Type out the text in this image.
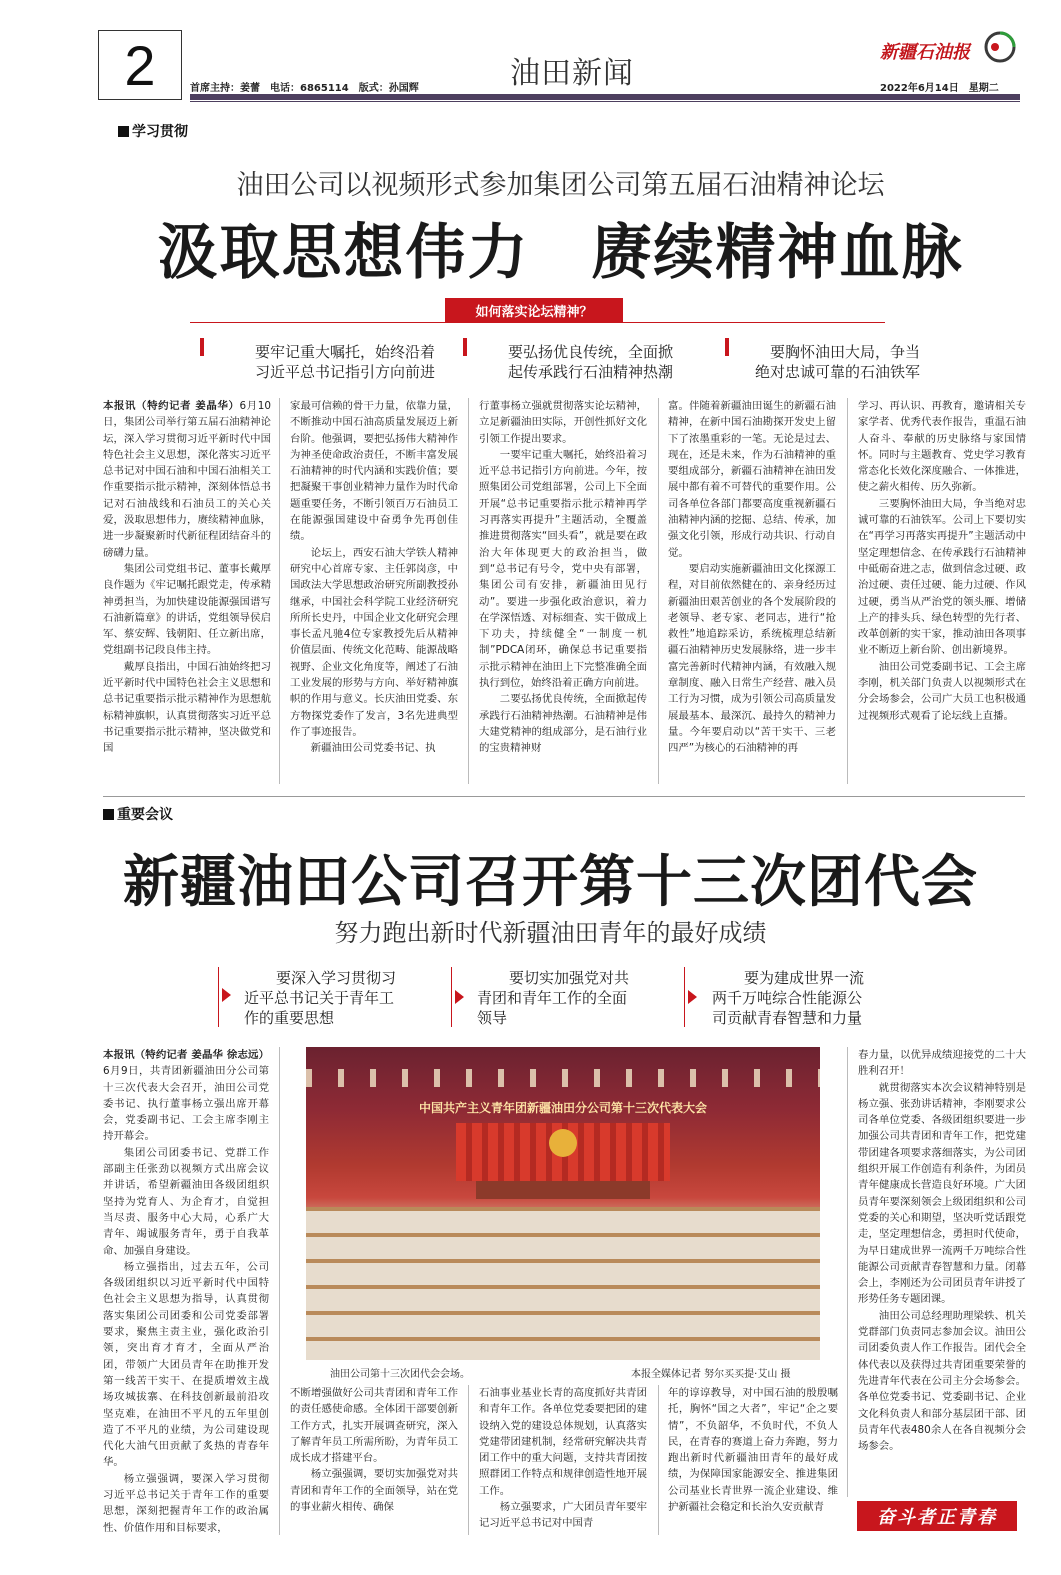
2	首席主持：姜蕾　电话：6865114　版式：孙国辉	油田新闻
新疆石油报
2022年6月14日　星期二
学习贯彻
油田公司以视频形式参加集团公司第五届石油精神论坛
汲取思想伟力　赓续精神血脉
如何落实论坛精神？
要牢记重大嘱托，始终沿着
习近平总书记指引方向前进
要弘扬优良传统，全面掀
起传承践行石油精神热潮
要胸怀油田大局，争当
绝对忠诚可靠的石油铁军

本报讯（特约记者 姜晶华）6月10日，集团公司举行第五届石油精神论坛，深入学习贯彻习近平新时代中国特色社会主义思想，深化落实习近平总书记对中国石油和中国石油相关工作重要指示批示精神，深刻体悟总书记对石油战线和石油员工的关心关爱，汲取思想伟力，赓续精神血脉，进一步凝聚新时代新征程团结奋斗的磅礴力量。

集团公司党组书记、董事长戴厚良作题为《牢记嘱托跟党走，传承精神勇担当，为加快建设能源强国谱写石油新篇章》的讲话，党组领导侯启军、蔡安辉、钱朝阳、任立新出席，党组副书记段良伟主持。

戴厚良指出，中国石油始终把习近平新时代中国特色社会主义思想和总书记重要指示批示精神作为思想航标精神旗帜，认真贯彻落实习近平总书记重要指示批示精神，坚决做党和国

家最可信赖的骨干力量，依靠力量，不断推动中国石油高质量发展迈上新台阶。他强调，要把弘扬伟大精神作为神圣使命政治责任，不断丰富发展石油精神的时代内涵和实践价值；要把凝聚干事创业精神力量作为时代命题重要任务，不断引领百万石油员工在能源强国建设中奋勇争先再创佳绩。

论坛上，西安石油大学铁人精神研究中心首席专家、主任郭岗彦，中国政法大学思想政治研究所副教授孙继承，中国社会科学院工业经济研究所所长史丹，中国企业文化研究会理事长孟凡驰4位专家教授先后从精神价值层面、传统文化范畴、能源战略视野、企业文化角度等，阐述了石油工业发展的形势与方向、举好精神旗帜的作用与意义。长庆油田党委、东方物探党委作了发言，3名先进典型作了事迹报告。

新疆油田公司党委书记、执

行董事杨立强就贯彻落实论坛精神，立足新疆油田实际，开创性抓好文化引领工作提出要求。

一要牢记重大嘱托，始终沿着习近平总书记指引方向前进。今年，按照集团公司党组部署，公司上下全面开展“总书记重要指示批示精神再学习再落实再提升”主题活动，全覆盖推进贯彻落实“回头看”，就是要在政治大年体现更大的政治担当，做到“总书记有号令，党中央有部署，集团公司有安排，新疆油田见行动”。要进一步强化政治意识，着力在学深悟透、对标细查、实干做成上下功夫，持续健全“一制度一机制”PDCA闭环，确保总书记重要指示批示精神在油田上下完整准确全面执行到位，始终沿着正确方向前进。

二要弘扬优良传统，全面掀起传承践行石油精神热潮。石油精神是伟大建党精神的组成部分，是石油行业的宝贵精神财

富。伴随着新疆油田诞生的新疆石油精神，在新中国石油勘探开发史上留下了浓墨重彩的一笔。无论是过去、现在，还是未来，作为石油精神的重要组成部分，新疆石油精神在油田发展中都有着不可替代的重要作用。公司各单位各部门都要高度重视新疆石油精神内涵的挖掘、总结、传承，加强文化引领，形成行动共识、行动自觉。

要启动实施新疆油田文化探源工程，对目前依然健在的、亲身经历过新疆油田艰苦创业的各个发展阶段的老领导、老专家、老同志，进行“抢救性”地追踪采访，系统梳理总结新疆石油精神历史发展脉络，进一步丰富完善新时代精神内涵，有效融入规章制度、融入日常生产经营、融入员工行为习惯，成为引领公司高质量发展最基本、最深沉、最持久的精神力量。今年要启动以“苦干实干、三老四严”为核心的石油精神的再

学习、再认识、再教育，邀请相关专家学者、优秀代表作报告，重温石油人奋斗、奉献的历史脉络与家国情怀。同时与主题教育、党史学习教育常态化长效化深度融合、一体推进，使之薪火相传、历久弥新。

三要胸怀油田大局，争当绝对忠诚可靠的石油铁军。公司上下要切实在“再学习再落实再提升”主题活动中坚定理想信念、在传承践行石油精神中砥砺奋进之志，做到信念过硬、政治过硬、责任过硬、能力过硬、作风过硬，勇当从严治党的领头雁、增储上产的排头兵、绿色转型的先行者、改革创新的实干家，推动油田各项事业不断迈上新台阶、创出新境界。

油田公司党委副书记、工会主席李刚，机关部门负责人以视频形式在分会场参会，公司广大员工也积极通过视频形式观看了论坛线上直播。

重要会议
新疆油田公司召开第十三次团代会
努力跑出新时代新疆油田青年的最好成绩
要深入学习贯彻习
近平总书记关于青年工
作的重要思想
要切实加强党对共
青团和青年工作的全面
领导
要为建成世界一流
两千万吨综合性能源公
司贡献青春智慧和力量

本报讯（特约记者 姜晶华 徐志远）6月9日，共青团新疆油田分公司第十三次代表大会召开，油田公司党委书记、执行董事杨立强出席开幕会，党委副书记、工会主席李刚主持开幕会。

集团公司团委书记、党群工作部副主任张劲以视频方式出席会议并讲话，希望新疆油田各级团组织坚持为党育人、为企育才，自觉担当尽责、服务中心大局，心系广大青年、竭诚服务青年，勇于自我革命、加强自身建设。

杨立强指出，过去五年，公司各级团组织以习近平新时代中国特色社会主义思想为指导，认真贯彻落实集团公司团委和公司党委部署要求，聚焦主责主业，强化政治引领，突出育才育才，全面从严治团，带领广大团员青年在助推开发第一线苦干实干、在提质增效主战场攻城拔寨、在科技创新最前沿攻坚克难，在油田不平凡的五年里创造了不平凡的业绩，为公司建设现代化大油气田贡献了炙热的青春年华。

杨立强强调，要深入学习贯彻习近平总书记关于青年工作的重要思想，深刻把握青年工作的政治属性、价值作用和目标要求，

中国共产主义青年团新疆油田分公司第十三次代表大会
油田公司第十三次团代会会场。	本报全媒体记者 努尔买买提·艾山 摄

不断增强做好公司共青团和青年工作的责任感使命感。全体团干部要创新工作方式，扎实开展调查研究，深入了解青年员工所需所盼，为青年员工成长成才搭建平台。

杨立强强调，要切实加强党对共青团和青年工作的全面领导，站在党的事业薪火相传、确保

石油事业基业长青的高度抓好共青团和青年工作。各单位党委要把团的建设纳入党的建设总体规划，认真落实党建带团建机制，经常研究解决共青团工作中的重大问题，支持共青团按照群团工作特点和规律创造性地开展工作。

杨立强要求，广大团员青年要牢记习近平总书记对中国青

年的谆谆教导，对中国石油的殷殷嘱托，胸怀“国之大者”，牢记“企之要情”，不负韶华，不负时代，不负人民，在青春的赛道上奋力奔跑，努力跑出新时代新疆油田青年的最好成绩，为保障国家能源安全、推进集团公司基业长青世界一流企业建设、维护新疆社会稳定和长治久安贡献青

春力量，以优异成绩迎接党的二十大胜利召开！

就贯彻落实本次会议精神特别是杨立强、张劲讲话精神，李刚要求公司各单位党委、各级团组织要进一步加强公司共青团和青年工作，把党建带团建各项要求落细落实，为公司团组织开展工作创造有利条件，为团员青年健康成长营造良好环境。广大团员青年要深刻领会上级团组织和公司党委的关心和期望，坚决听党话跟党走，坚定理想信念，勇担时代使命，为早日建成世界一流两千万吨综合性能源公司贡献青春智慧和力量。闭幕会上，李刚还为公司团员青年讲授了形势任务专题团课。

油田公司总经理助理梁轶、机关党群部门负责同志参加会议。油田公司团委负责人作工作报告。团代会全体代表以及获得过共青团重要荣誉的先进青年代表在公司主分会场参会。各单位党委书记、党委副书记、企业文化科负责人和部分基层团干部、团员青年代表480余人在各自视频分会场参会。

奋斗者正青春
